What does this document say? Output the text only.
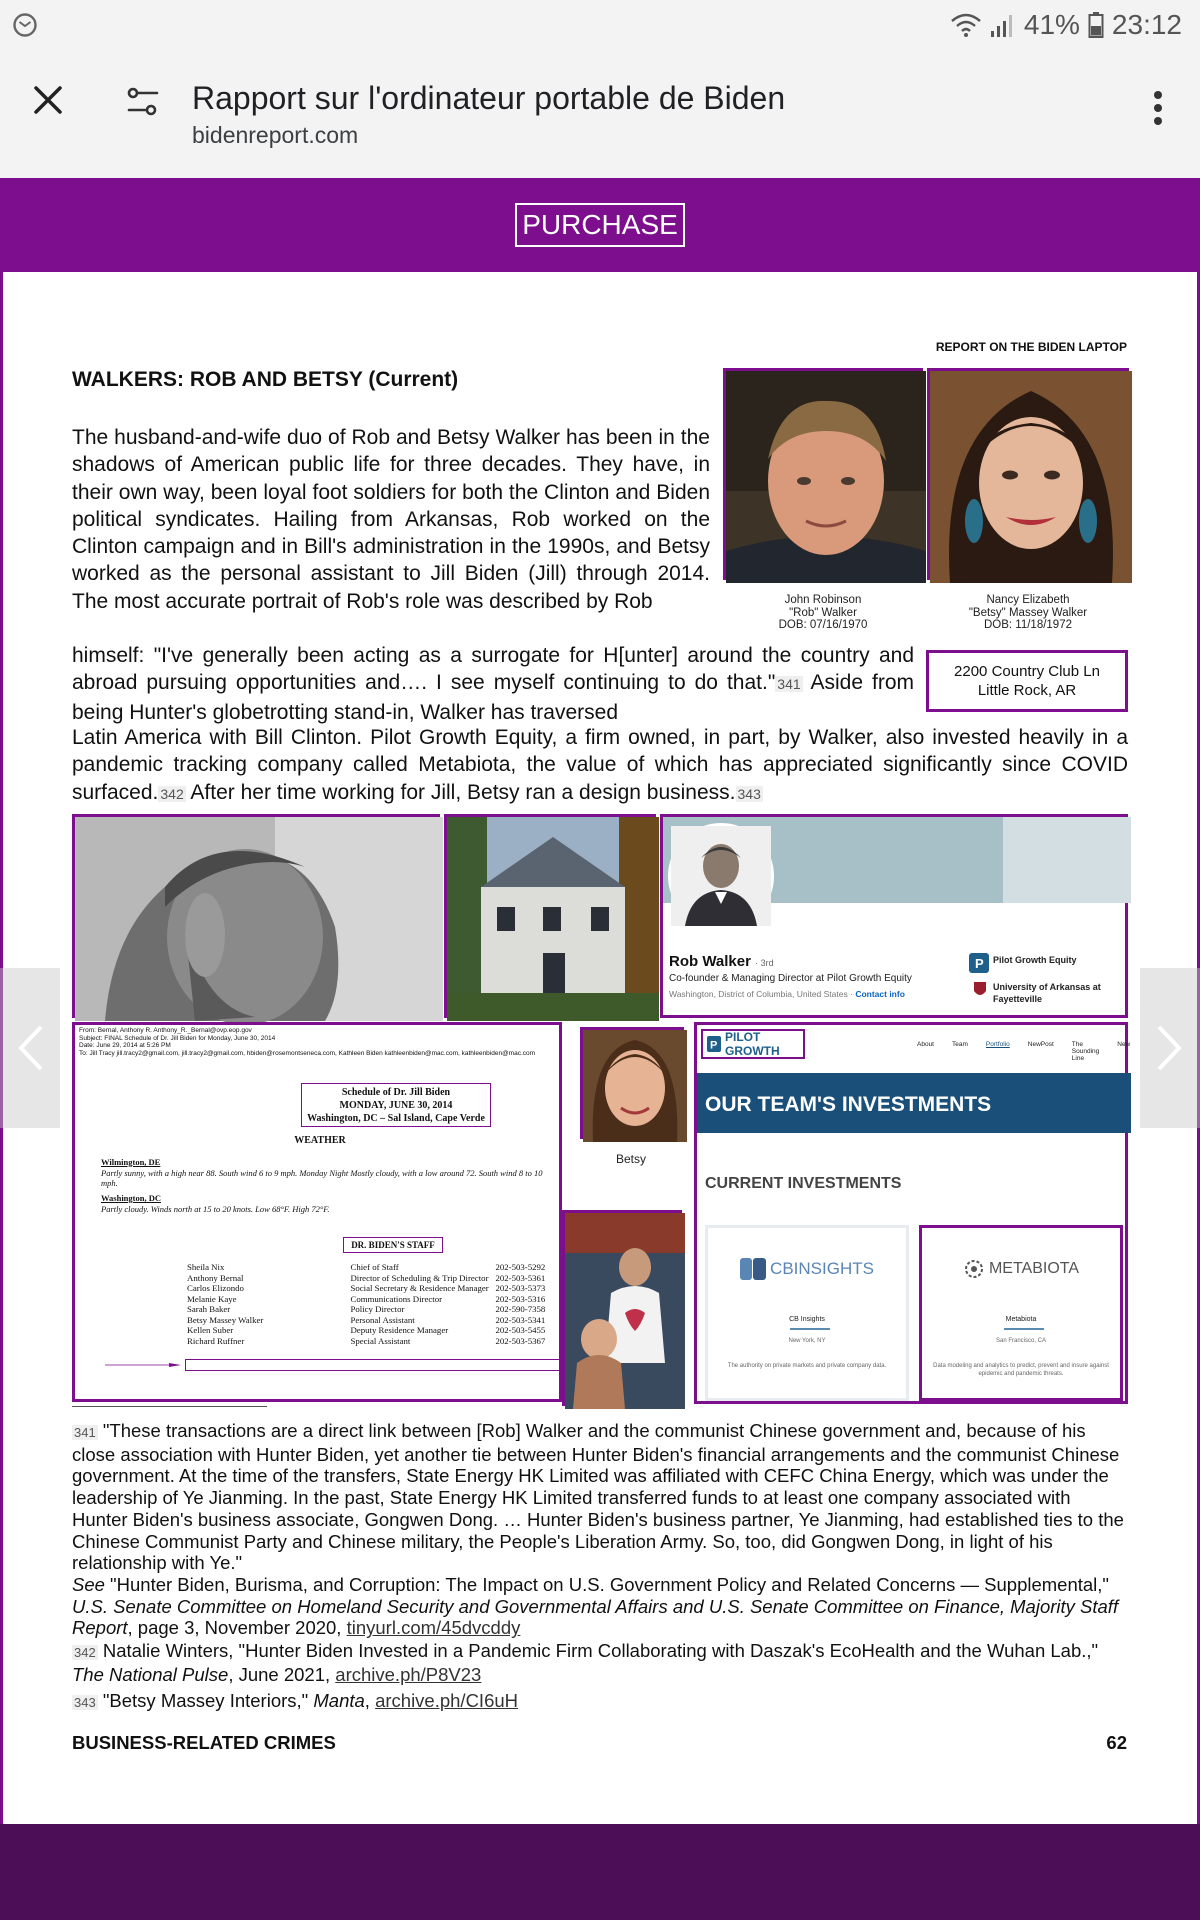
41% 23:12
Rapport sur l'ordinateur portable de Biden
bidenreport.com
PURCHASE
REPORT ON THE BIDEN LAPTOP
WALKERS: ROB AND BETSY (Current)
The husband-and-wife duo of Rob and Betsy Walker has been in the shadows of American public life for three decades. They have, in their own way, been loyal foot soldiers for both the Clinton and Biden political syndicates. Hailing from Arkansas, Rob worked on the Clinton campaign and in Bill's administration in the 1990s, and Betsy worked as the personal assistant to Jill Biden (Jill) through 2014. The most accurate portrait of Rob's role was described by Rob
himself: "I've generally been acting as a surrogate for H[unter] around the country and abroad pursuing opportunities and…. I see myself continuing to do that." 341 Aside from being Hunter's globetrotting stand-in, Walker has traversed
Latin America with Bill Clinton. Pilot Growth Equity, a firm owned, in part, by Walker, also invested heavily in a pandemic tracking company called Metabiota, the value of which has appreciated significantly since COVID surfaced. 342 After her time working for Jill, Betsy ran a design business. 343
John Robinson
"Rob" Walker
DOB: 07/16/1970
Nancy Elizabeth
"Betsy" Massey Walker
DOB: 11/18/1972
2200 Country Club Ln
Little Rock, AR
Rob Walker · 3rd
Co-founder & Managing Director at Pilot Growth Equity
Washington, District of Columbia, United States · Contact info
P Pilot Growth Equity
University of Arkansas at Fayetteville
From: Bernal, Anthony R. Anthony_R._Bernal@ovp.eop.gov
Subject: FINAL Schedule of Dr. Jill Biden for Monday, June 30, 2014
Date: June 29, 2014 at 5:26 PM
To: Jill Tracy jill.tracy2@gmail.com, jill.tracy2@gmail.com, hbiden@rosemontseneca.com, Kathleen Biden kathleenbiden@mac.com, kathleenbiden@mac.com
Schedule of Dr. Jill Biden
MONDAY, JUNE 30, 2014
Washington, DC – Sal Island, Cape Verde
WEATHER
Wilmington, DE
Partly sunny, with a high near 88. South wind 6 to 9 mph. Monday Night Mostly cloudy, with a low around 72. South wind 8 to 10 mph.
Washington, DC
Partly cloudy. Winds north at 15 to 20 knots. Low 68°F. High 72°F.
DR. BIDEN'S STAFF
Sheila Nix	Chief of Staff	202-503-5292
Anthony Bernal	Director of Scheduling & Trip Director	202-503-5361
Carlos Elizondo	Social Secretary & Residence Manager	202-503-5373
Melanie Kaye	Communications Director	202-503-5316
Sarah Baker	Policy Director	202-590-7358
Betsy Massey Walker	Personal Assistant	202-503-5341
Kellen Suber	Deputy Residence Manager	202-503-5455
Richard Ruffner	Special Assistant	202-503-5367
Betsy
P
PILOT GROWTH	About	Team	Portfolio	NewPost	The Sounding Line
New
OUR TEAM'S INVESTMENTS
CURRENT INVESTMENTS
CBINSIGHTS
CB Insights
New York, NY
The authority on private markets and private company data.
METABIOTA
Metabiota
San Francisco, CA
Data modeling and analytics to predict, prevent and insure against epidemic and pandemic threats.
341 "These transactions are a direct link between [Rob] Walker and the communist Chinese government and, because of his close association with Hunter Biden, yet another tie between Hunter Biden's financial arrangements and the communist Chinese government. At the time of the transfers, State Energy HK Limited was affiliated with CEFC China Energy, which was under the leadership of Ye Jianming. In the past, State Energy HK Limited transferred funds to at least one company associated with Hunter Biden's business associate, Gongwen Dong. … Hunter Biden's business partner, Ye Jianming, had established ties to the Chinese Communist Party and Chinese military, the People's Liberation Army. So, too, did Gongwen Dong, in light of his relationship with Ye."
See "Hunter Biden, Burisma, and Corruption: The Impact on U.S. Government Policy and Related Concerns — Supplemental," U.S. Senate Committee on Homeland Security and Governmental Affairs and U.S. Senate Committee on Finance, Majority Staff Report, page 3, November 2020, tinyurl.com/45dvcddy
342 Natalie Winters, "Hunter Biden Invested in a Pandemic Firm Collaborating with Daszak's EcoHealth and the Wuhan Lab.," The National Pulse, June 2021, archive.ph/P8V23
343 "Betsy Massey Interiors," Manta, archive.ph/CI6uH
BUSINESS-RELATED CRIMES	62
